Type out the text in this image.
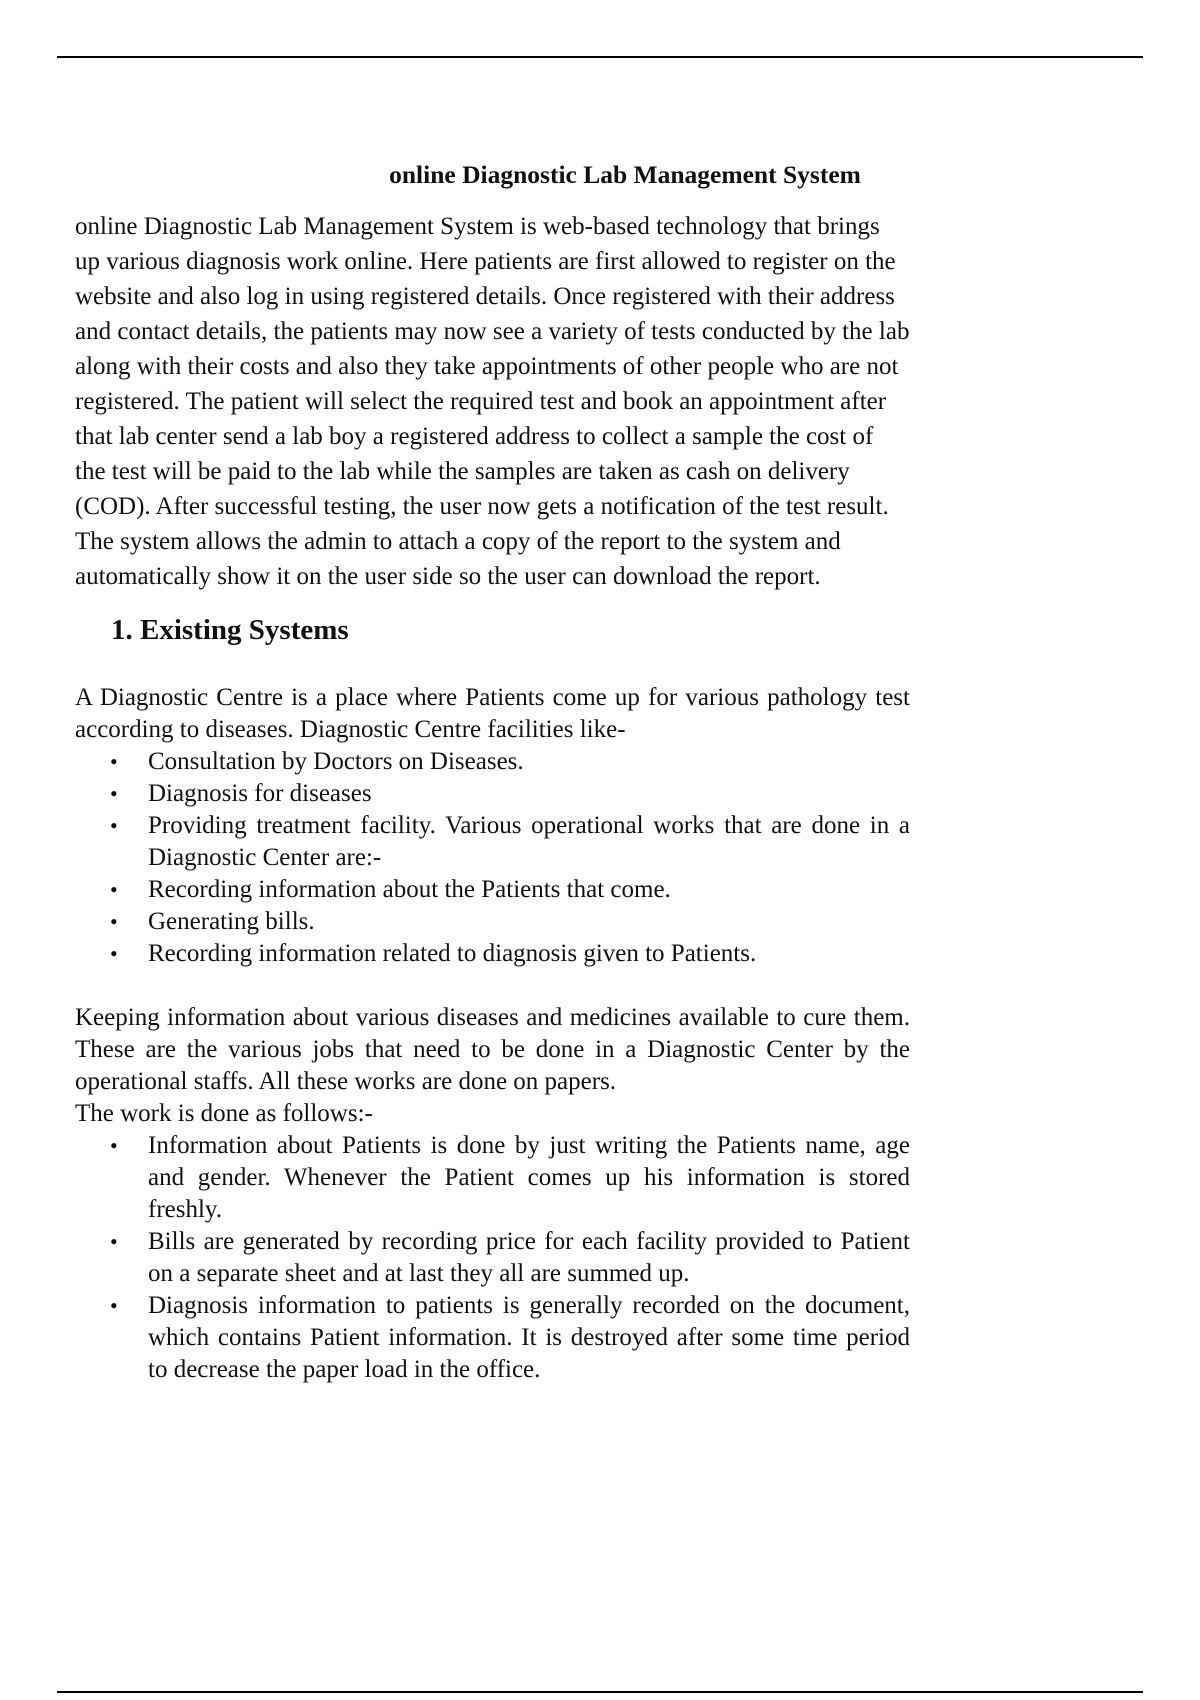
online Diagnostic Lab Management System

online Diagnostic Lab Management System is web-based technology that brings up various diagnosis work online. Here patients are first allowed to register on the website and also log in using registered details. Once registered with their address and contact details, the patients may now see a variety of tests conducted by the lab along with their costs and also they take appointments of other people who are not registered. The patient will select the required test and book an appointment after that lab center send a lab boy a registered address to collect a sample the cost of the test will be paid to the lab while the samples are taken as cash on delivery (COD). After successful testing, the user now gets a notification of the test result. The system allows the admin to attach a copy of the report to the system and automatically show it on the user side so the user can download the report.

1. Existing Systems

A Diagnostic Centre is a place where Patients come up for various pathology test according to diseases. Diagnostic Centre facilities like-

• Consultation by Doctors on Diseases.
• Diagnosis for diseases
• Providing treatment facility. Various operational works that are done in a Diagnostic Center are:-
• Recording information about the Patients that come.
• Generating bills.
• Recording information related to diagnosis given to Patients.

Keeping information about various diseases and medicines available to cure them. These are the various jobs that need to be done in a Diagnostic Center by the operational staffs. All these works are done on papers.

The work is done as follows:-

• Information about Patients is done by just writing the Patients name, age and gender. Whenever the Patient comes up his information is stored freshly.
• Bills are generated by recording price for each facility provided to Patient on a separate sheet and at last they all are summed up.
• Diagnosis information to patients is generally recorded on the document, which contains Patient information. It is destroyed after some time period to decrease the paper load in the office.
